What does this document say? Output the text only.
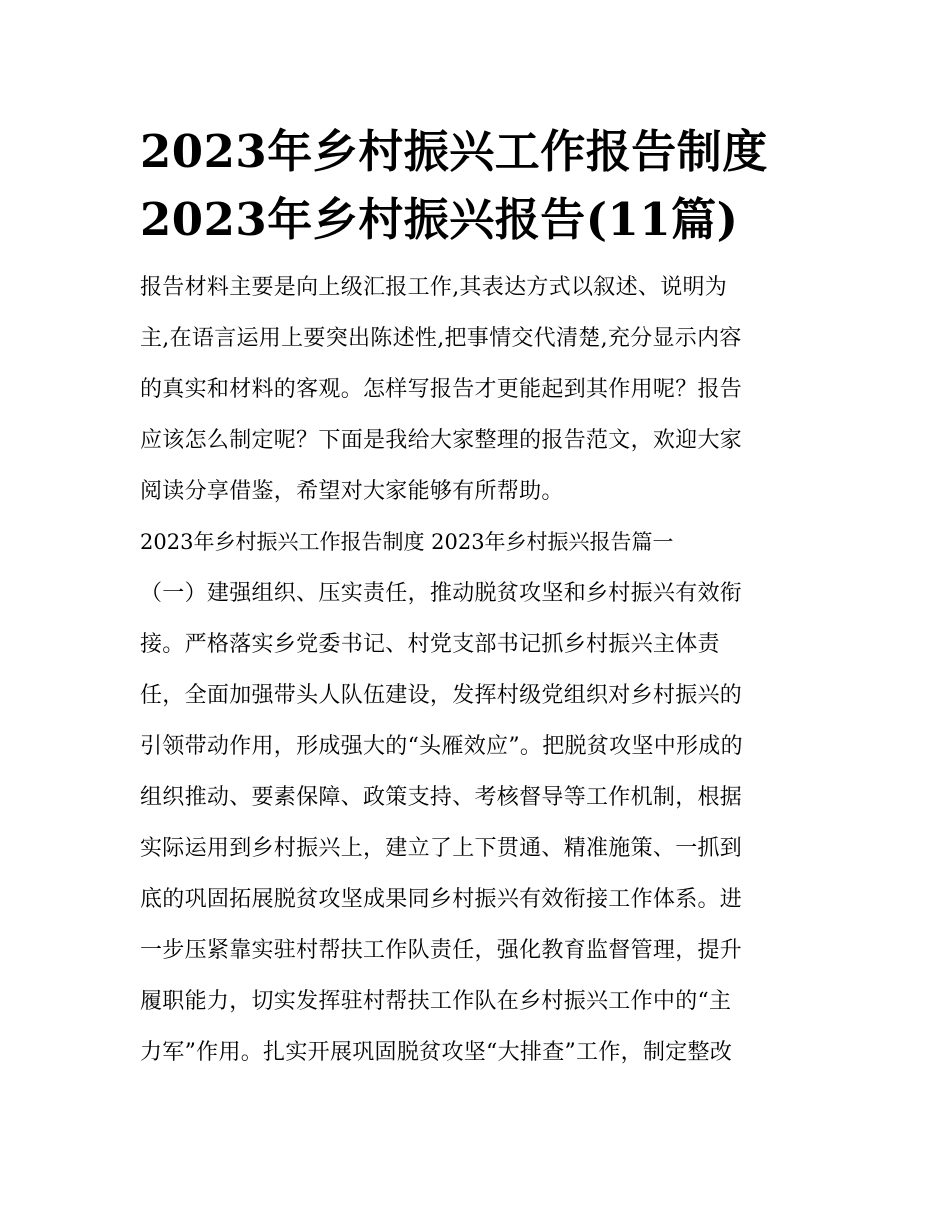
2023年乡村振兴工作报告制度
2023年乡村振兴报告(11篇)

报告材料主要是向上级汇报工作,其表达方式以叙述、说明为
主,在语言运用上要突出陈述性,把事情交代清楚,充分显示内容
的真实和材料的客观。怎样写报告才更能起到其作用呢？报告
应该怎么制定呢？下面是我给大家整理的报告范文，欢迎大家
阅读分享借鉴，希望对大家能够有所帮助。

2023年乡村振兴工作报告制度 2023年乡村振兴报告篇一

（一）建强组织、压实责任，推动脱贫攻坚和乡村振兴有效衔
接。严格落实乡党委书记、村党支部书记抓乡村振兴主体责
任，全面加强带头人队伍建设，发挥村级党组织对乡村振兴的
引领带动作用，形成强大的“头雁效应”。把脱贫攻坚中形成的
组织推动、要素保障、政策支持、考核督导等工作机制，根据
实际运用到乡村振兴上，建立了上下贯通、精准施策、一抓到
底的巩固拓展脱贫攻坚成果同乡村振兴有效衔接工作体系。进
一步压紧靠实驻村帮扶工作队责任，强化教育监督管理，提升
履职能力，切实发挥驻村帮扶工作队在乡村振兴工作中的“主
力军”作用。扎实开展巩固脱贫攻坚“大排查”工作，制定整改
